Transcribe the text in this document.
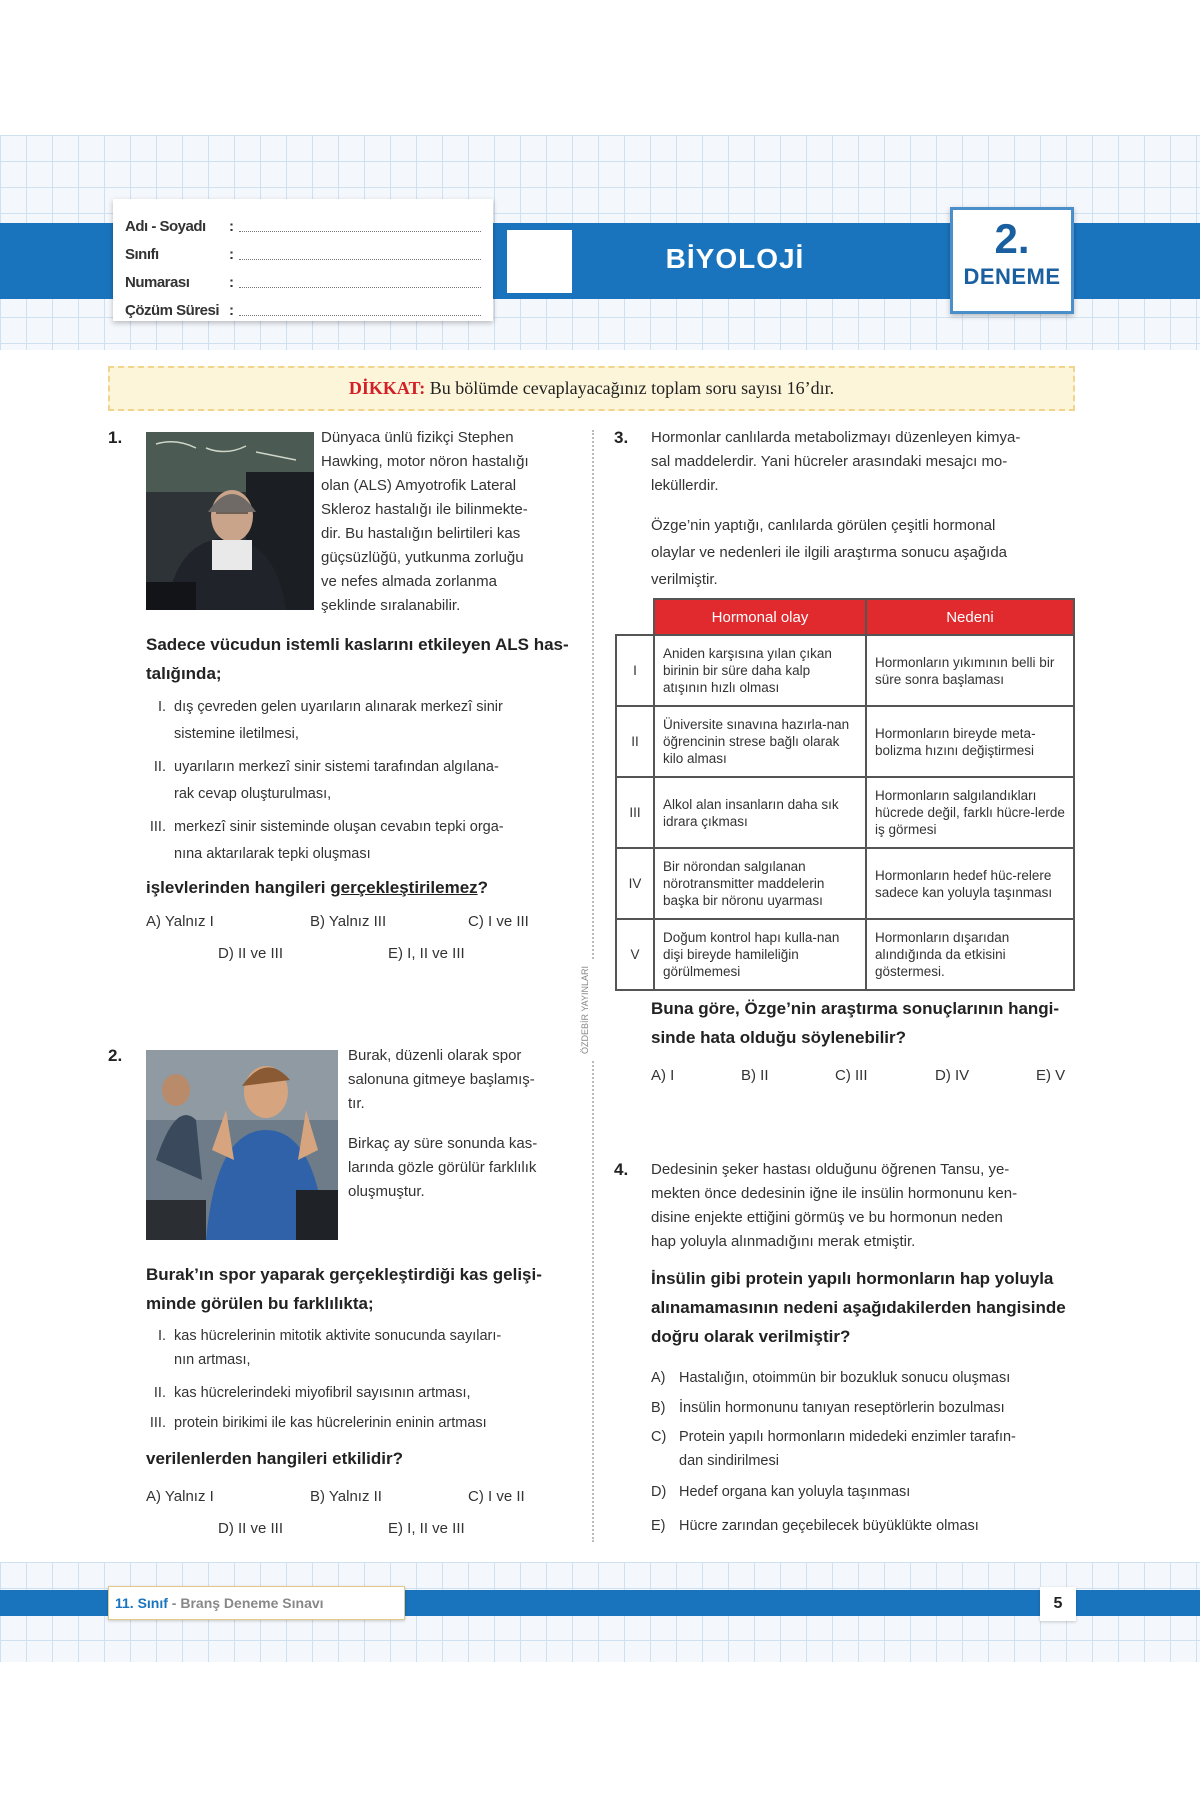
Adı - Soyadı	:
Sınıfı	:
Numarası	:
Çözüm Süresi :
BİYOLOJİ	2.
DENEME
DİKKAT: Bu bölümde cevaplayacağınız toplam soru sayısı 16’dır.
ÖZDEBİR YAYINLARI
1.	Dünyaca ünlü fizikçi Stephen
Hawking, motor nöron hastalığı
olan (ALS) Amyotrofik Lateral
Skleroz hastalığı ile bilinmekte-
dir. Bu hastalığın belirtileri kas
güçsüzlüğü, yutkunma zorluğu
ve nefes almada zorlanma
şeklinde sıralanabilir.
Sadece vücudun istemli kaslarını etkileyen ALS has-
talığında;
I. dış çevreden gelen uyarıların alınarak merkezî sinir
sistemine iletilmesi,
II. uyarıların merkezî sinir sistemi tarafından algılana-
rak cevap oluşturulması,
III. merkezî sinir sisteminde oluşan cevabın tepki orga-
nına aktarılarak tepki oluşması
işlevlerinden hangileri gerçekleştirilemez?
A) Yalnız I	B) Yalnız III	C) I ve III
D) II ve III	E) I, II ve III
2.	Burak, düzenli olarak spor
salonuna gitmeye başlamış-
tır.
Birkaç ay süre sonunda kas-
larında gözle görülür farklılık
oluşmuştur.
Burak’ın spor yaparak gerçekleştirdiği kas gelişi-
minde görülen bu farklılıkta;
I. kas hücrelerinin mitotik aktivite sonucunda sayıları-
nın artması,
II. kas hücrelerindeki miyofibril sayısının artması,
III. protein birikimi ile kas hücrelerinin eninin artması
verilenlerden hangileri etkilidir?
A) Yalnız I	B) Yalnız II	C) I ve II
D) II ve III	E) I, II ve III
3. Hormonlar canlılarda metabolizmayı düzenleyen kimya-
sal maddelerdir. Yani hücreler arasındaki mesajcı mo-
leküllerdir.
Özge’nin yaptığı, canlılarda görülen çeşitli hormonal
olaylar ve nedenleri ile ilgili araştırma sonucu aşağıda
verilmiştir.
	Hormonal olay	Nedeni
I	Aniden karşısına yılan çıkan birinin bir süre daha kalp atışının hızlı olması	Hormonların yıkımının belli bir süre sonra başlaması
II	Üniversite sınavına hazırla-nan öğrencinin strese bağlı olarak kilo alması	Hormonların bireyde meta-bolizma hızını değiştirmesi
III	Alkol alan insanların daha sık idrara çıkması	Hormonların salgılandıkları hücrede değil, farklı hücre-lerde iş görmesi
IV	Bir nörondan salgılanan nörotransmitter maddelerin başka bir nöronu uyarması	Hormonların hedef hüc-relere sadece kan yoluyla taşınması
V	Doğum kontrol hapı kulla-nan dişi bireyde hamileliğin görülmemesi	Hormonların dışarıdan alındığında da etkisini göstermesi.
Buna göre, Özge’nin araştırma sonuçlarının hangi-
sinde hata olduğu söylenebilir?
A) I	B) II	C) III	D) IV	E) V
4. Dedesinin şeker hastası olduğunu öğrenen Tansu, ye-
mekten önce dedesinin iğne ile insülin hormonunu ken-
disine enjekte ettiğini görmüş ve bu hormonun neden
hap yoluyla alınmadığını merak etmiştir.
İnsülin gibi protein yapılı hormonların hap yoluyla
alınamamasının nedeni aşağıdakilerden hangisinde
doğru olarak verilmiştir?
A) Hastalığın, otoimmün bir bozukluk sonucu oluşması
B) İnsülin hormonunu tanıyan reseptörlerin bozulması
C) Protein yapılı hormonların midedeki enzimler tarafın-
dan sindirilmesi
D) Hedef organa kan yoluyla taşınması
E) Hücre zarından geçebilecek büyüklükte olması
11. Sınıf - Branş Deneme Sınavı	5
